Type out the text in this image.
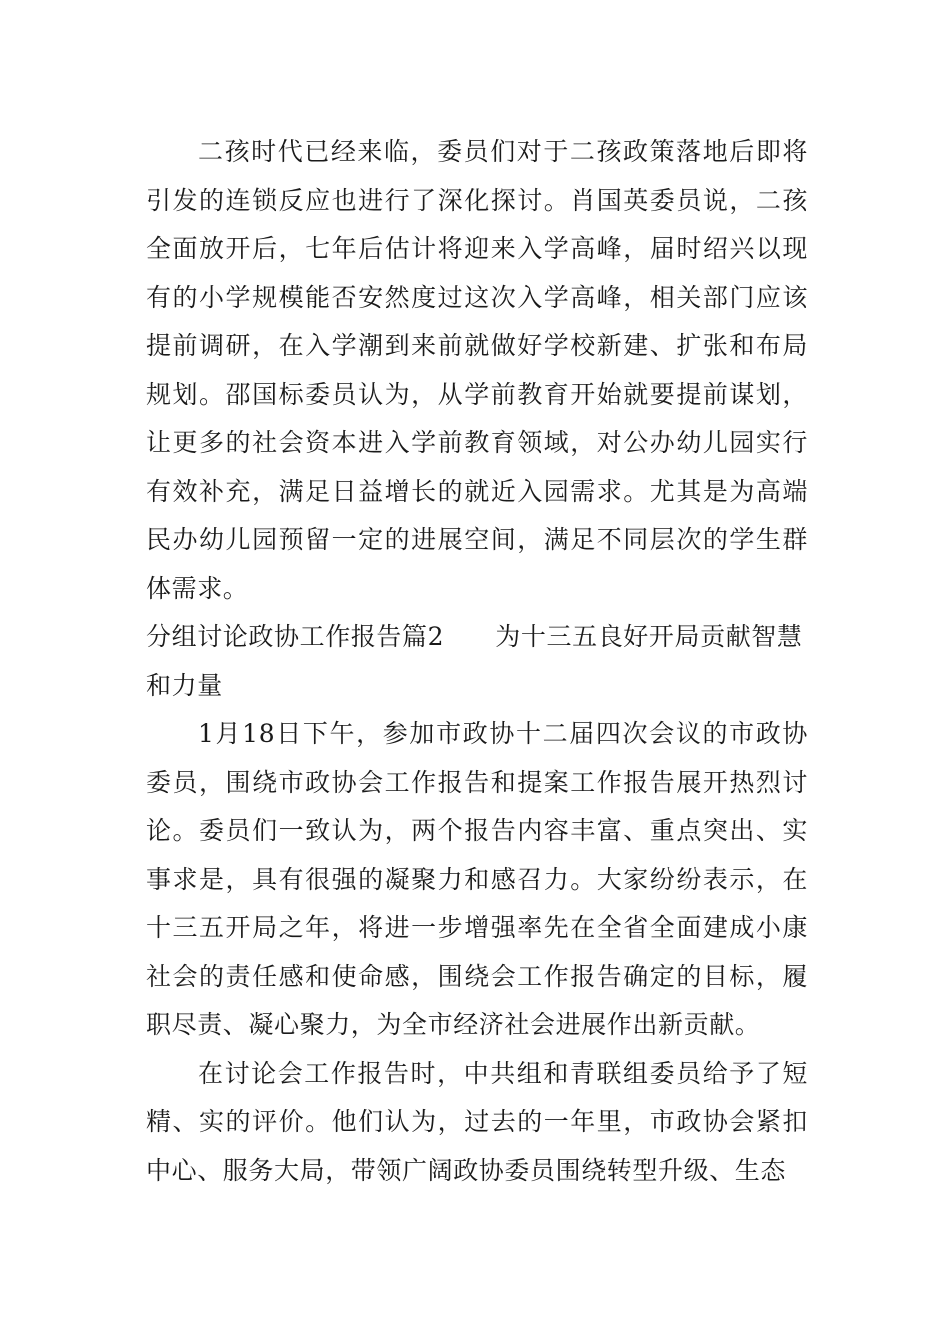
二孩时代已经来临，委员们对于二孩政策落地后即将引发的连锁反应也进行了深化探讨。肖国英委员说，二孩全面放开后，七年后估计将迎来入学高峰，届时绍兴以现有的小学规模能否安然度过这次入学高峰，相关部门应该提前调研，在入学潮到来前就做好学校新建、扩张和布局规划。邵国标委员认为，从学前教育开始就要提前谋划，让更多的社会资本进入学前教育领域，对公办幼儿园实行有效补充，满足日益增长的就近入园需求。尤其是为高端民办幼儿园预留一定的进展空间，满足不同层次的学生群体需求。

分组讨论政协工作报告篇2　　为十三五良好开局贡献智慧和力量

1月18日下午，参加市政协十二届四次会议的市政协委员，围绕市政协会工作报告和提案工作报告展开热烈讨论。委员们一致认为，两个报告内容丰富、重点突出、实事求是，具有很强的凝聚力和感召力。大家纷纷表示，在十三五开局之年，将进一步增强率先在全省全面建成小康社会的责任感和使命感，围绕会工作报告确定的目标，履职尽责、凝心聚力，为全市经济社会进展作出新贡献。

在讨论会工作报告时，中共组和青联组委员给予了短精、实的评价。他们认为，过去的一年里，市政协会紧扣中心、服务大局，带领广阔政协委员围绕转型升级、生态
